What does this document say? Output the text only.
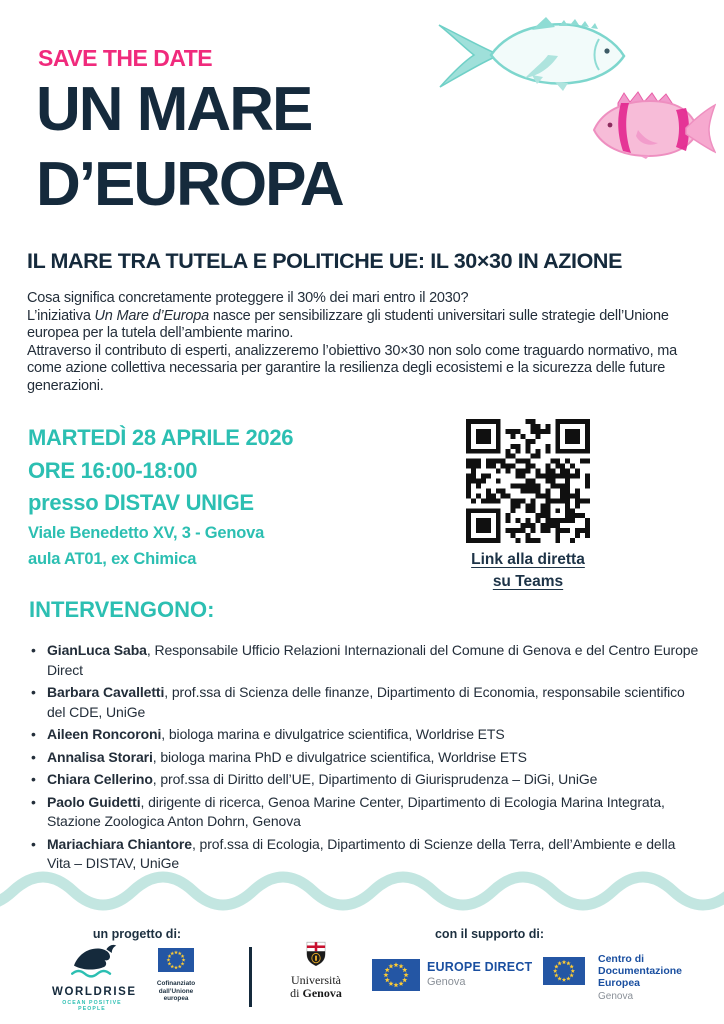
SAVE THE DATE
UN MARE
D’EUROPA
IL MARE TRA TUTELA E POLITICHE UE: IL 30×30 IN AZIONE

Cosa significa concretamente proteggere il 30% dei mari entro il 2030?

L’iniziativa Un Mare d’Europa nasce per sensibilizzare gli studenti universitari sulle strategie dell’Unione europea per la tutela dell’ambiente marino.

Attraverso il contributo di esperti, analizzeremo l’obiettivo 30×30 non solo come traguardo normativo, ma come azione collettiva necessaria per garantire la resilienza degli ecosistemi e la sicurezza delle future generazioni.

MARTEDÌ 28 APRILE 2026
ORE 16:00-18:00
presso DISTAV UNIGE
Viale Benedetto XV, 3 - Genova
aula AT01, ex Chimica	Link alla diretta
su Teams
INTERVENGONO:
• GianLuca Saba, Responsabile Ufficio Relazioni Internazionali del Comune di Genova e del Centro Europe Direct
• Barbara Cavalletti, prof.ssa di Scienza delle finanze, Dipartimento di Economia, responsabile scientifico del CDE, UniGe
• Aileen Roncoroni, biologa marina e divulgatrice scientifica, Worldrise ETS
• Annalisa Storari, biologa marina PhD e divulgatrice scientifica, Worldrise ETS
• Chiara Cellerino, prof.ssa di Diritto dell’UE, Dipartimento di Giurisprudenza – DiGi, UniGe
• Paolo Guidetti, dirigente di ricerca, Genoa Marine Center, Dipartimento di Ecologia Marina Integrata, Stazione Zoologica Anton Dohrn, Genova
• Mariachiara Chiantore, prof.ssa di Ecologia, Dipartimento di Scienze della Terra, dell’Ambiente e della Vita – DISTAV, UniGe
un progetto di:	con il supporto di:
WORLDRISE
OCEAN POSITIVE PEOPLE
Cofinanziato
dall’Unione europea
Università
di Genova
EUROPE DIRECT
Genova
Centro di
Documentazione
Europea
Genova
